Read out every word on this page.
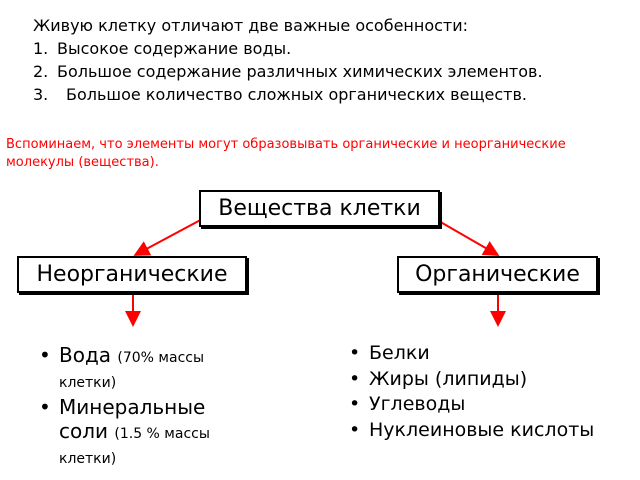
Живую клетку отличают две важные особенности:
1. Высокое содержание воды.
2. Большое содержание различных химических элементов.
3.	Большое количество сложных органических веществ.
Вспоминаем, что элементы могут образовывать органические и неорганические молекулы (вещества).
Вещества клетки
Неорганические	Органические
• Вода (70% массы клетки)
• Минеральные соли (1.5 % массы клетки)
• Белки
• Жиры (липиды)
• Углеводы
• Нуклеиновые кислоты
